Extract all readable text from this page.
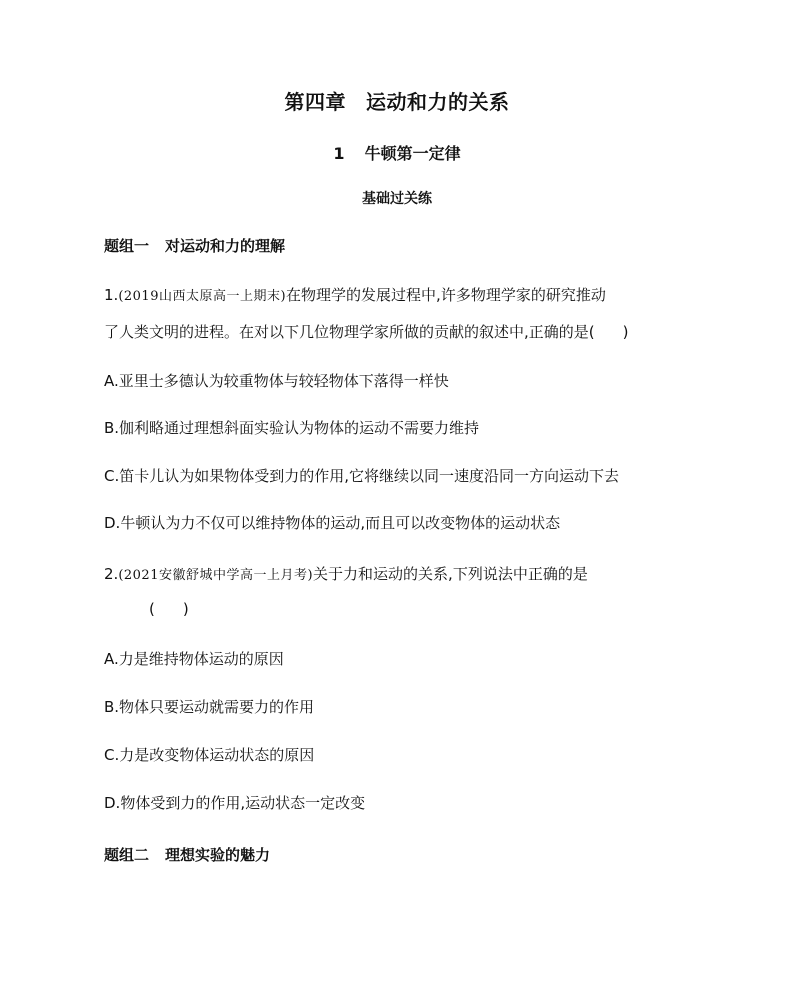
第四章 运动和力的关系
1 牛顿第一定律
基础过关练
题组一 对运动和力的理解
1.(2019山西太原高一上期末)在物理学的发展过程中,许多物理学家的研究推动
了人类文明的进程。在对以下几位物理学家所做的贡献的叙述中,正确的是( )
A.亚里士多德认为较重物体与较轻物体下落得一样快
B.伽利略通过理想斜面实验认为物体的运动不需要力维持
C.笛卡儿认为如果物体受到力的作用,它将继续以同一速度沿同一方向运动下去
D.牛顿认为力不仅可以维持物体的运动,而且可以改变物体的运动状态
2.(2021安徽舒城中学高一上月考)关于力和运动的关系,下列说法中正确的是
( )
A.力是维持物体运动的原因
B.物体只要运动就需要力的作用
C.力是改变物体运动状态的原因
D.物体受到力的作用,运动状态一定改变
题组二 理想实验的魅力
